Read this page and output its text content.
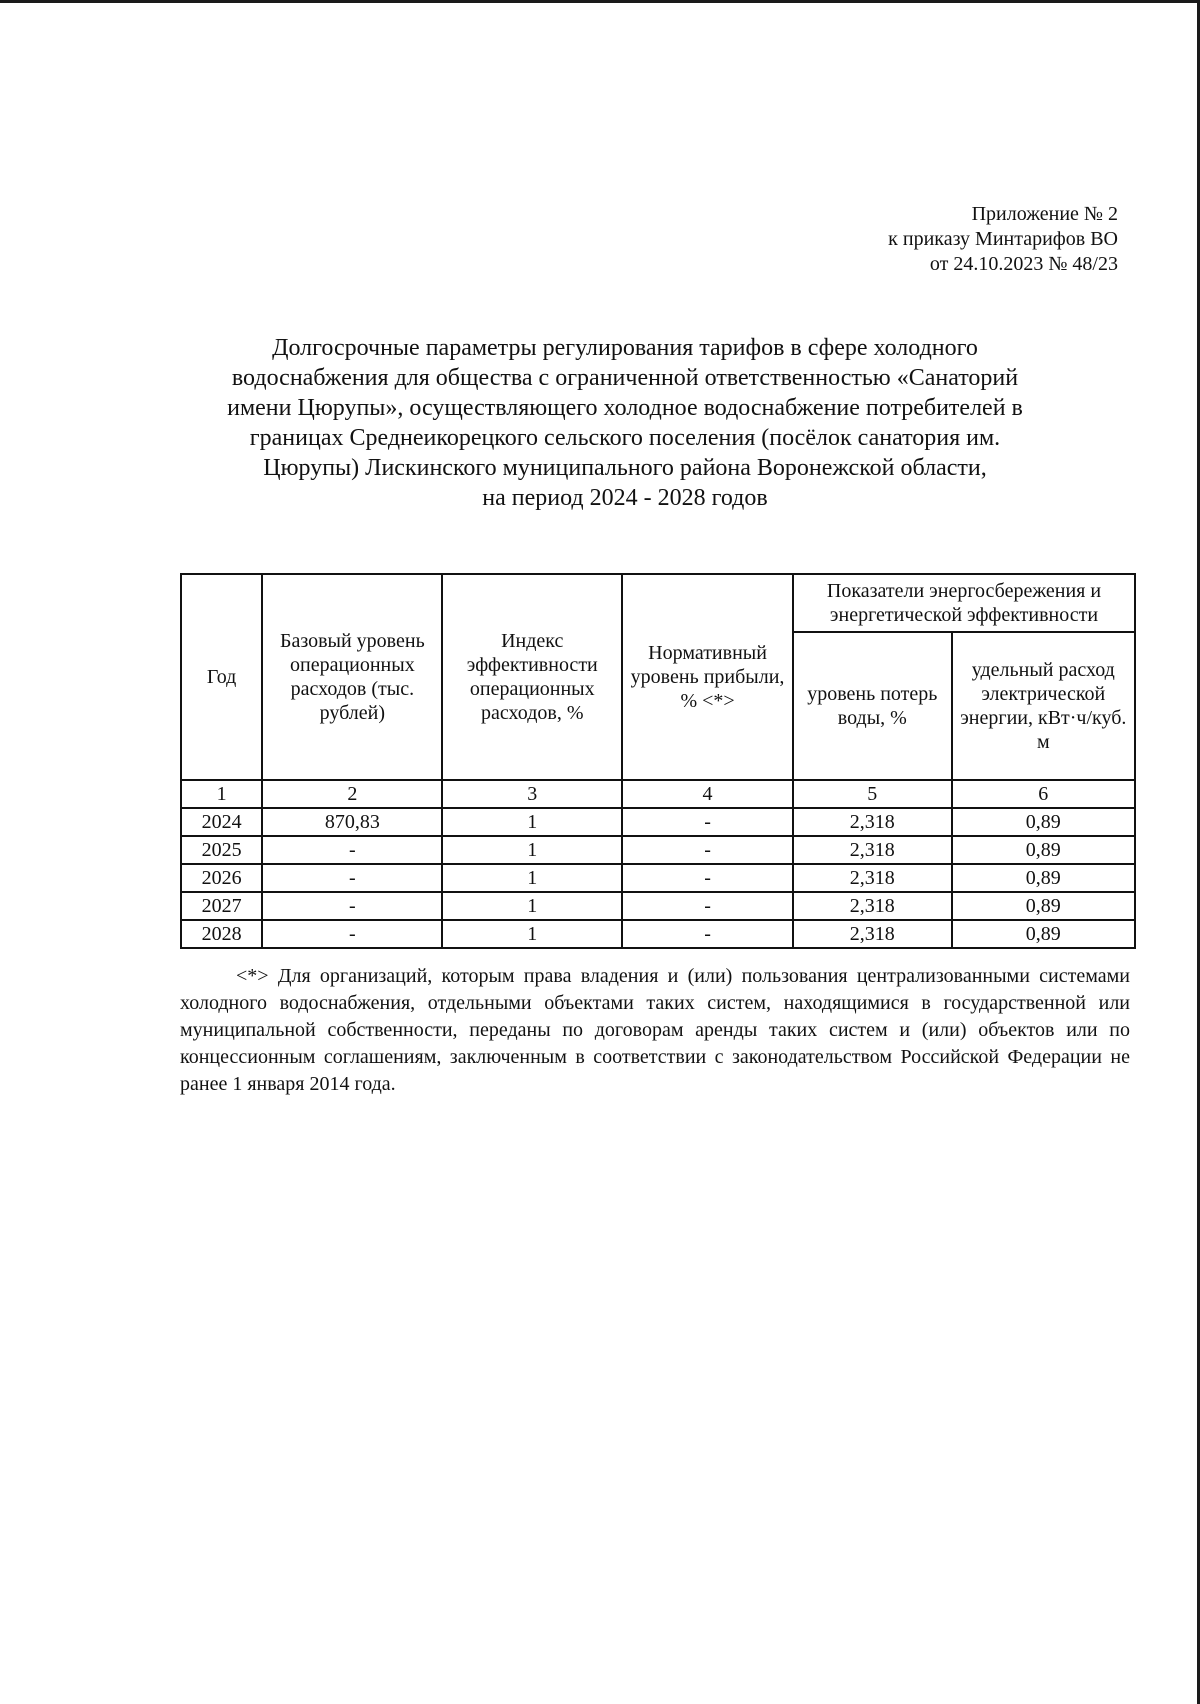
Приложение № 2
к приказу Минтарифов ВО
от 24.10.2023 № 48/23
Долгосрочные параметры регулирования тарифов в сфере холодного
водоснабжения для общества с ограниченной ответственностью «Санаторий
имени Цюрупы», осуществляющего холодное водоснабжение потребителей в
границах Среднеикорецкого сельского поселения (посёлок санатория им.
Цюрупы) Лискинского муниципального района Воронежской области,
на период 2024 - 2028 годов
Год	Базовый уровень операционных расходов (тыс. рублей)	Индекс эффективности операционных расходов, %	Нормативный уровень прибыли, % <*>	Показатели энергосбережения и энергетической эффективности	
				уровень потерь воды, %	удельный расход электрической энергии, кВт·ч/куб. м
1	2	3	4	5	6
2024	870,83	1	-	2,318	0,89
2025	-	1	-	2,318	0,89
2026	-	1	-	2,318	0,89
2027	-	1	-	2,318	0,89
2028	-	1	-	2,318	0,89
<*> Для организаций, которым права владения и (или) пользования централизованными системами холодного водоснабжения, отдельными объектами таких систем, находящимися в государственной или муниципальной собственности, переданы по договорам аренды таких систем и (или) объектов или по концессионным соглашениям, заключенным в соответствии с законодательством Российской Федерации не ранее 1 января 2014 года.
